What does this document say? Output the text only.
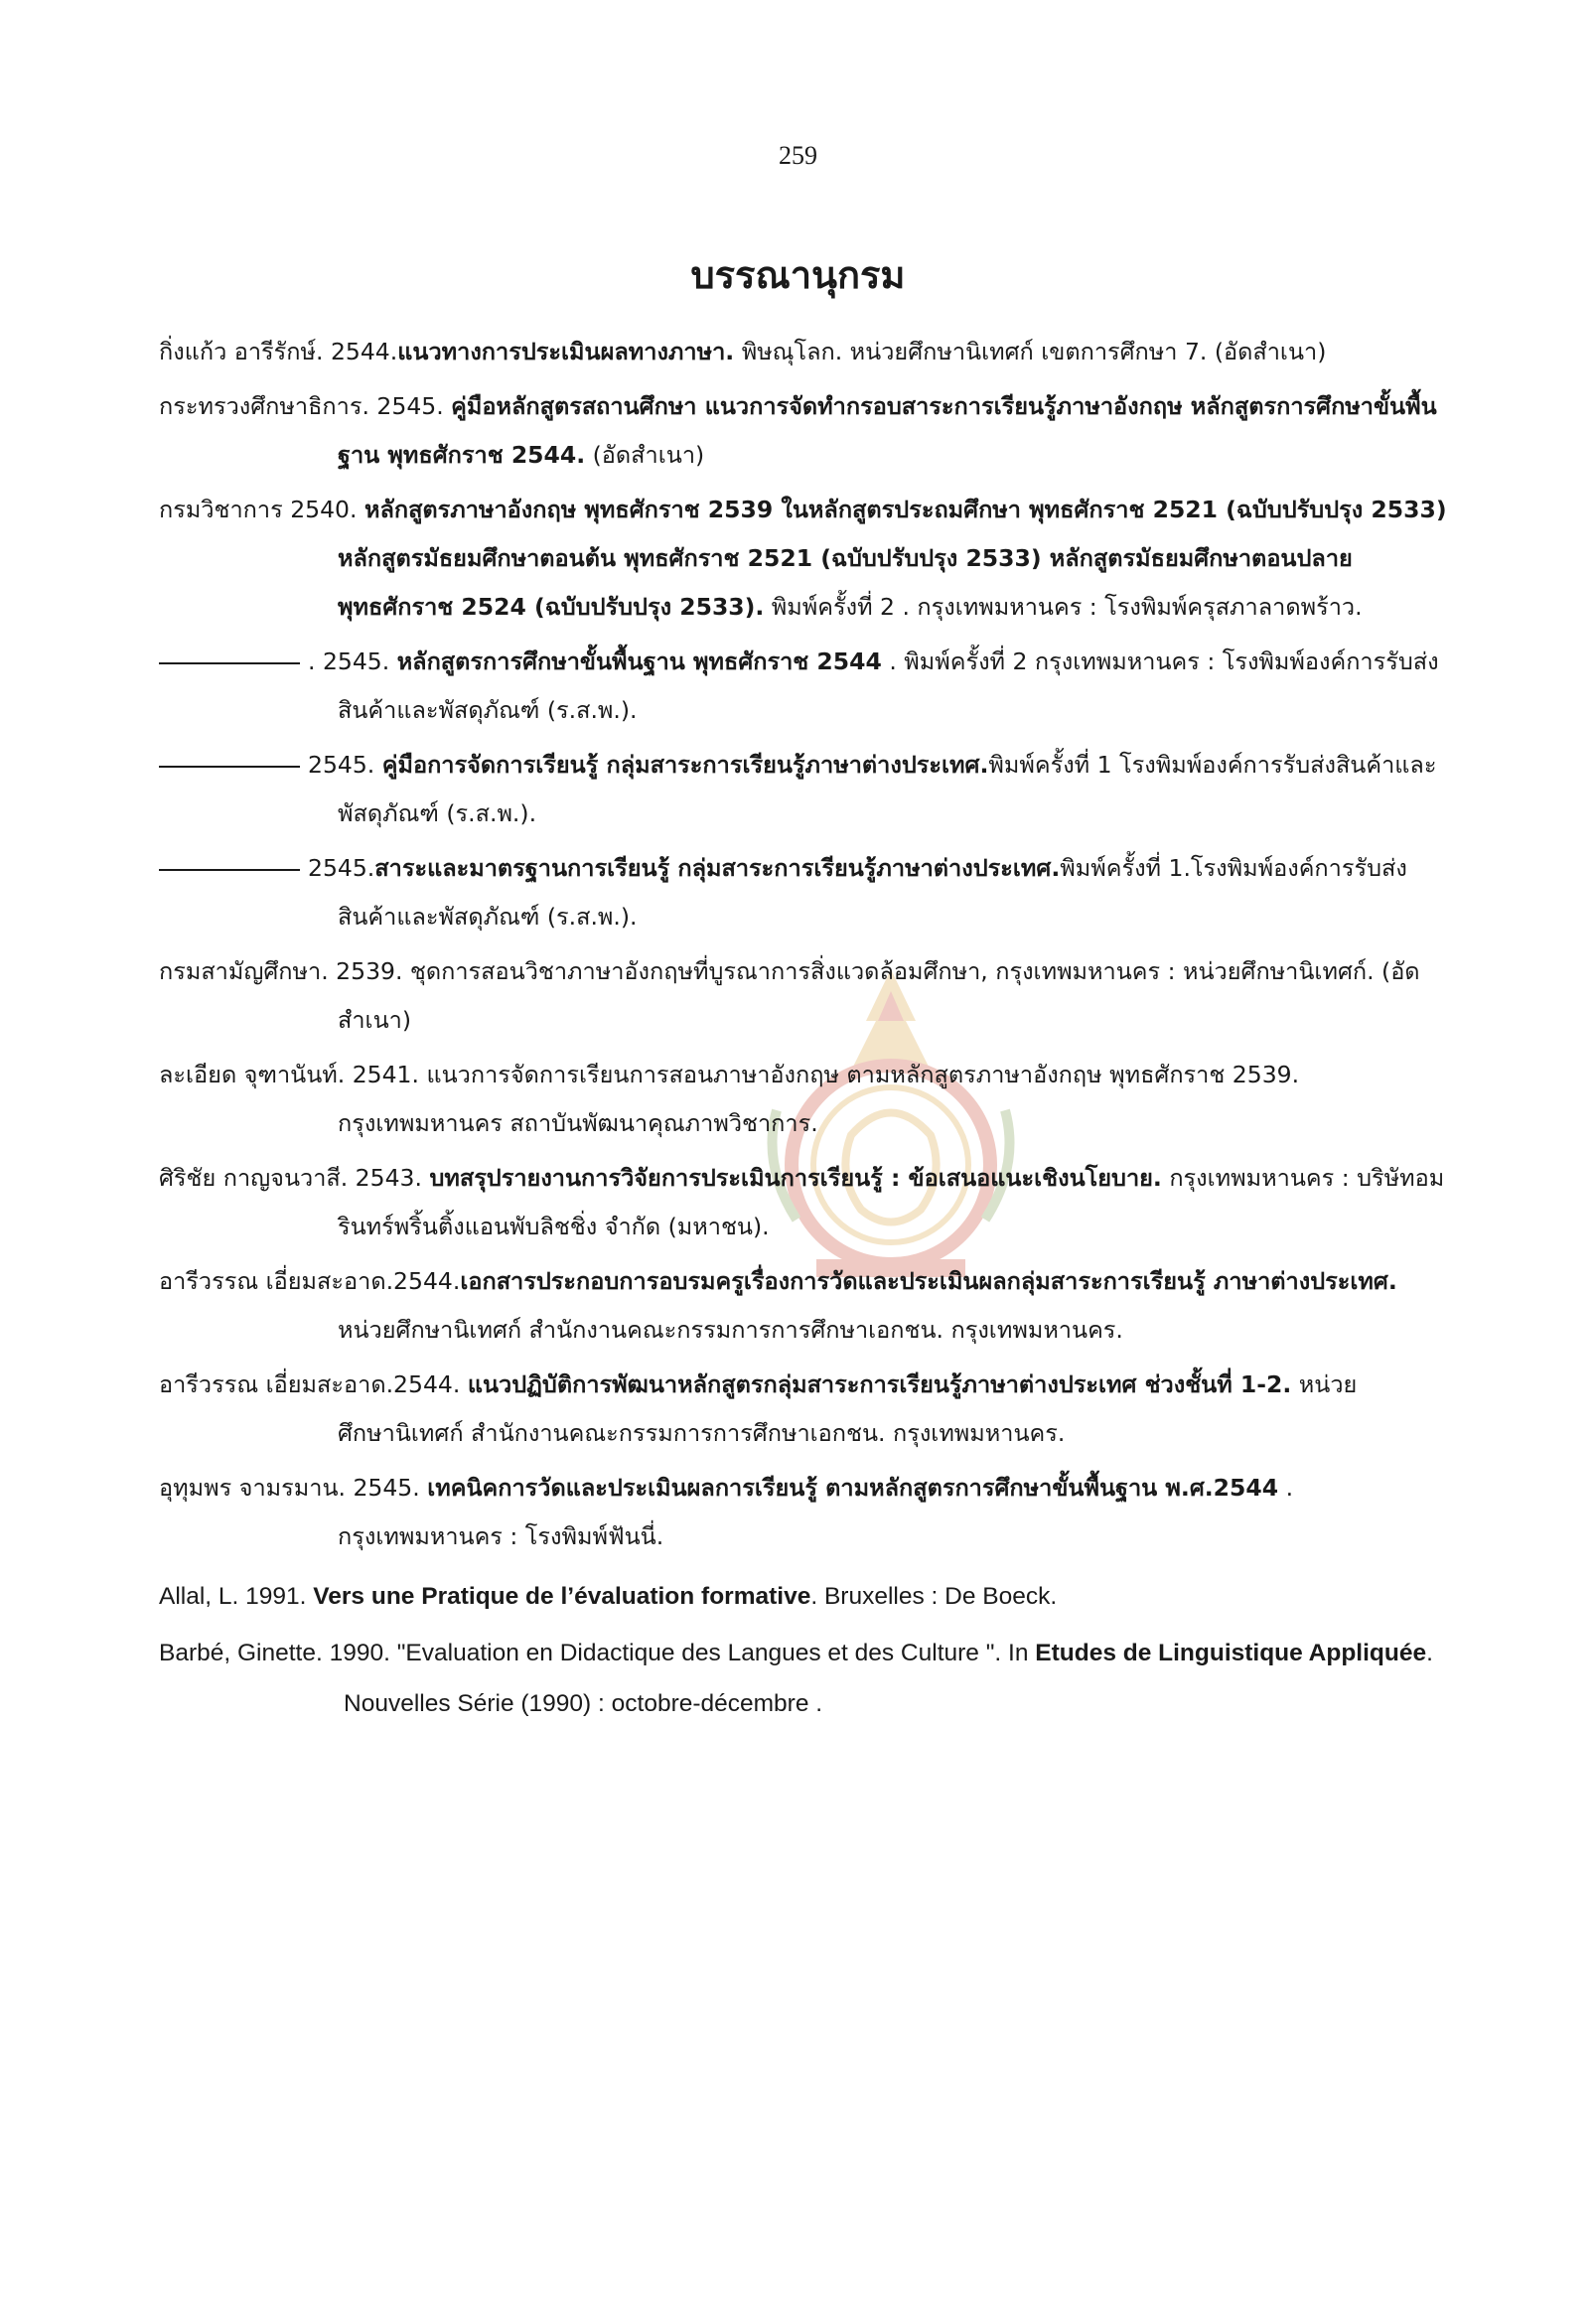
259
บรรณานุกรม

กิ่งแก้ว อารีรักษ์. 2544.แนวทางการประเมินผลทางภาษา. พิษณุโลก. หน่วยศึกษานิเทศก์ เขตการศึกษา 7. (อัดสำเนา)

กระทรวงศึกษาธิการ. 2545. คู่มือหลักสูตรสถานศึกษา แนวการจัดทำกรอบสาระการเรียนรู้ภาษาอังกฤษ หลักสูตรการศึกษาขั้นพื้นฐาน พุทธศักราช 2544. (อัดสำเนา)

กรมวิชาการ 2540. หลักสูตรภาษาอังกฤษ พุทธศักราช 2539 ในหลักสูตรประถมศึกษา พุทธศักราช 2521 (ฉบับปรับปรุง 2533) หลักสูตรมัธยมศึกษาตอนต้น พุทธศักราช 2521 (ฉบับปรับปรุง 2533) หลักสูตรมัธยมศึกษาตอนปลาย พุทธศักราช 2524 (ฉบับปรับปรุง 2533). พิมพ์ครั้งที่ 2 . กรุงเทพมหานคร : โรงพิมพ์ครุสภาลาดพร้าว.

. 2545. หลักสูตรการศึกษาขั้นพื้นฐาน พุทธศักราช 2544 . พิมพ์ครั้งที่ 2 กรุงเทพมหานคร : โรงพิมพ์องค์การรับส่งสินค้าและพัสดุภัณฑ์ (ร.ส.พ.).

2545. คู่มือการจัดการเรียนรู้ กลุ่มสาระการเรียนรู้ภาษาต่างประเทศ.พิมพ์ครั้งที่ 1 โรงพิมพ์องค์การรับส่งสินค้าและพัสดุภัณฑ์ (ร.ส.พ.).

2545.สาระและมาตรฐานการเรียนรู้ กลุ่มสาระการเรียนรู้ภาษาต่างประเทศ.พิมพ์ครั้งที่ 1.โรงพิมพ์องค์การรับส่งสินค้าและพัสดุภัณฑ์ (ร.ส.พ.).

กรมสามัญศึกษา. 2539. ชุดการสอนวิชาภาษาอังกฤษที่บูรณาการสิ่งแวดล้อมศึกษา, กรุงเทพมหานคร : หน่วยศึกษานิเทศก์. (อัดสำเนา)

ละเอียด จุฑานันท์. 2541. แนวการจัดการเรียนการสอนภาษาอังกฤษ ตามหลักสูตรภาษาอังกฤษ พุทธศักราช 2539. กรุงเทพมหานคร สถาบันพัฒนาคุณภาพวิชาการ.

ศิริชัย กาญจนวาสี. 2543. บทสรุปรายงานการวิจัยการประเมินการเรียนรู้ : ข้อเสนอแนะเชิงนโยบาย. กรุงเทพมหานคร : บริษัทอมรินทร์พริ้นติ้งแอนพับลิชชิ่ง จำกัด (มหาชน).

อารีวรรณ เอี่ยมสะอาด.2544.เอกสารประกอบการอบรมครูเรื่องการวัดและประเมินผลกลุ่มสาระการเรียนรู้ ภาษาต่างประเทศ. หน่วยศึกษานิเทศก์ สำนักงานคณะกรรมการการศึกษาเอกชน. กรุงเทพมหานคร.

อารีวรรณ เอี่ยมสะอาด.2544. แนวปฏิบัติการพัฒนาหลักสูตรกลุ่มสาระการเรียนรู้ภาษาต่างประเทศ ช่วงชั้นที่ 1-2. หน่วยศึกษานิเทศก์ สำนักงานคณะกรรมการการศึกษาเอกชน. กรุงเทพมหานคร.

อุทุมพร จามรมาน. 2545. เทคนิคการวัดและประเมินผลการเรียนรู้ ตามหลักสูตรการศึกษาขั้นพื้นฐาน พ.ศ.2544 . กรุงเทพมหานคร : โรงพิมพ์ฟันนี่.

Allal, L. 1991. Vers une Pratique de l’évaluation formative. Bruxelles : De Boeck.

Barbé, Ginette. 1990. "Evaluation en Didactique des Langues et des Culture ". In Etudes de Linguistique Appliquée. Nouvelles Série (1990) : octobre-décembre .
